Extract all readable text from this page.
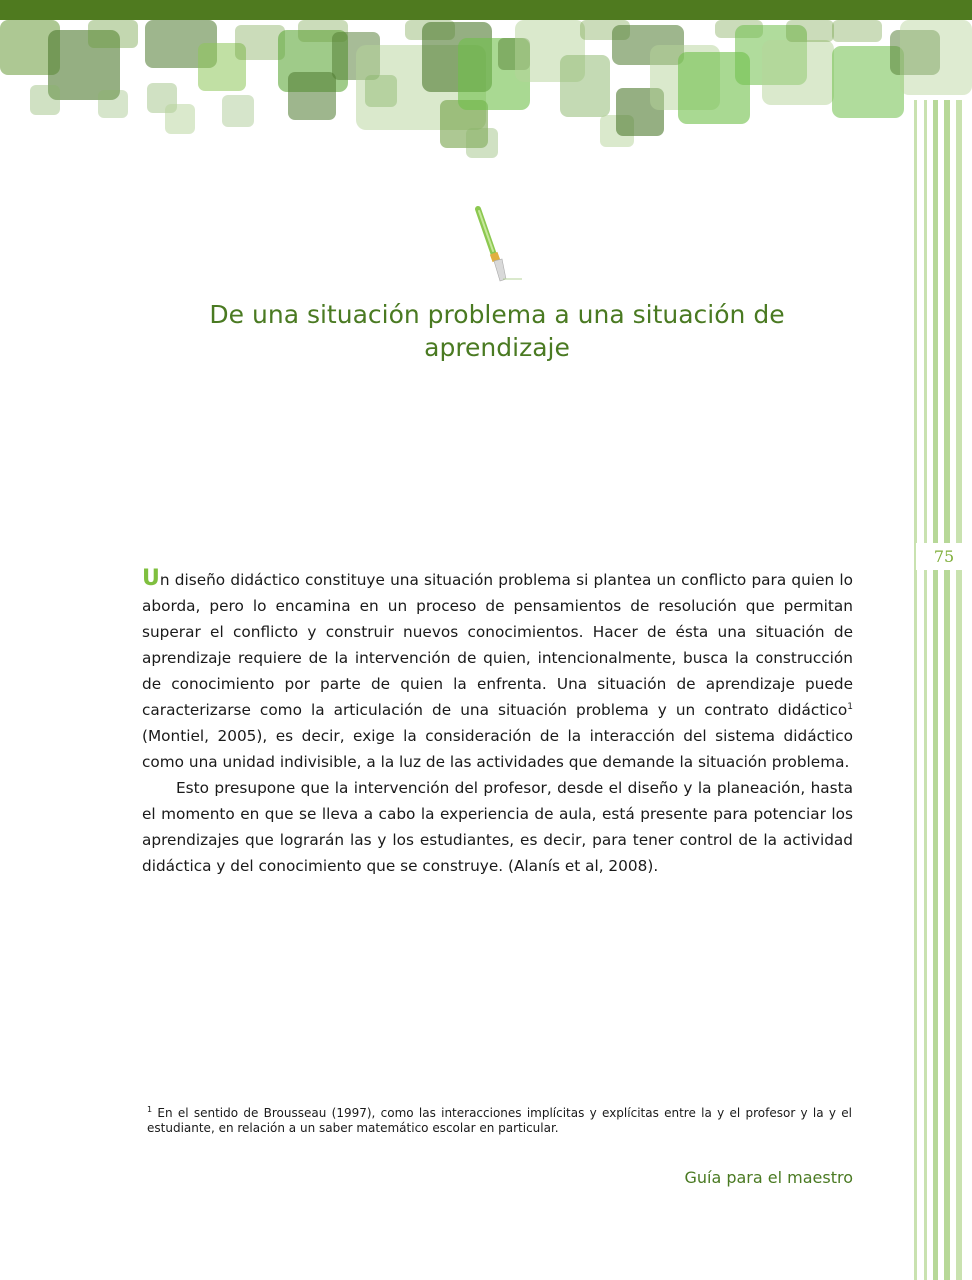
75
De una situación problema a una situación de aprendizaje

Un diseño didáctico constituye una situación problema si plantea un conflicto para quien lo aborda, pero lo encamina en un proceso de pensamientos de resolución que permitan superar el conflicto y construir nuevos conocimientos. Hacer de ésta una situación de aprendizaje requiere de la intervención de quien, intencionalmente, busca la construcción de conocimiento por parte de quien la enfrenta. Una situación de aprendizaje puede caracterizarse como la articulación de una situación problema y un contrato didáctico$^1$ (Montiel, 2005), es decir, exige la consideración de la interacción del sistema didáctico como una unidad indivisible, a la luz de las actividades que demande la situación problema.

Esto presupone que la intervención del profesor, desde el diseño y la planeación, hasta el momento en que se lleva a cabo la experiencia de aula, está presente para potenciar los aprendizajes que lograrán las y los estudiantes, es decir, para tener control de la actividad didáctica y del conocimiento que se construye. (Alanís et al, 2008).

$^1$ En el sentido de Brousseau (1997), como las interacciones implícitas y explícitas entre la y el profesor y la y el estudiante, en relación a un saber matemático escolar en particular.
Guía para el maestro
